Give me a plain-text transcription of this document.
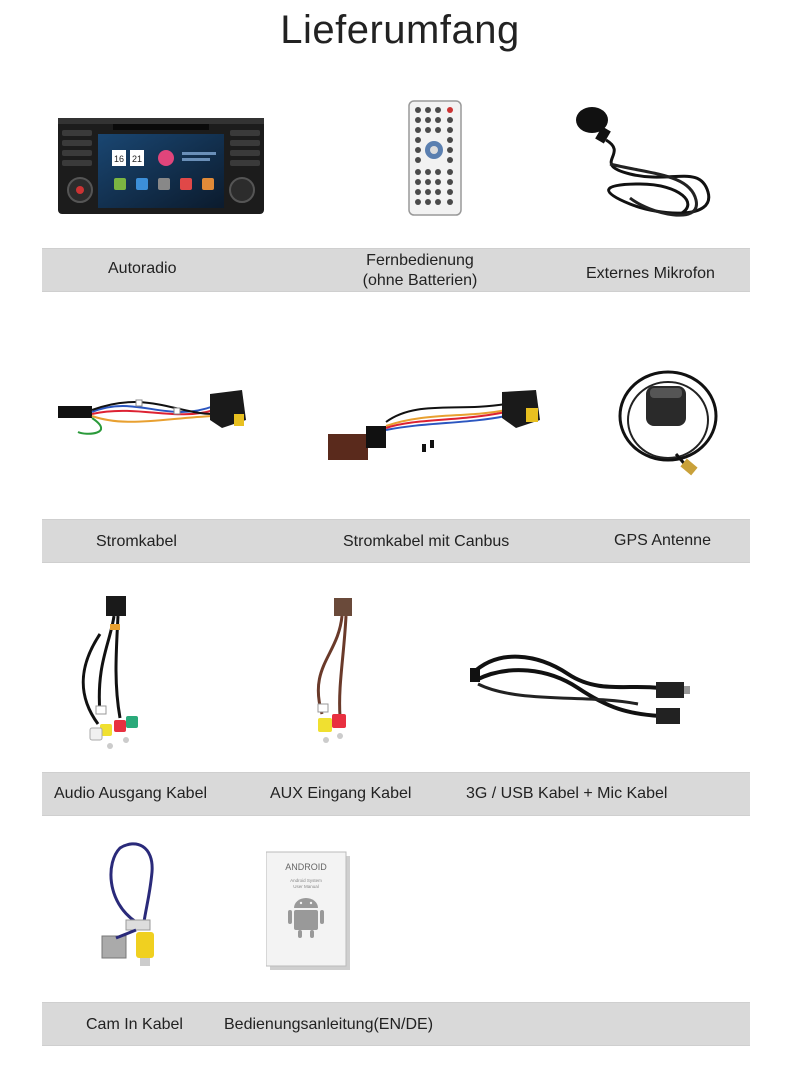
Lieferumfang
16 21
Autoradio	Fernbedienung
(ohne Batterien)	Externes Mikrofon
Stromkabel	Stromkabel mit Canbus	GPS Antenne
Audio Ausgang Kabel	AUX Eingang Kabel	3G / USB Kabel + Mic Kabel
ANDROID
Android System
User Manual
Cam In Kabel	Bedienungsanleitung(EN/DE)
